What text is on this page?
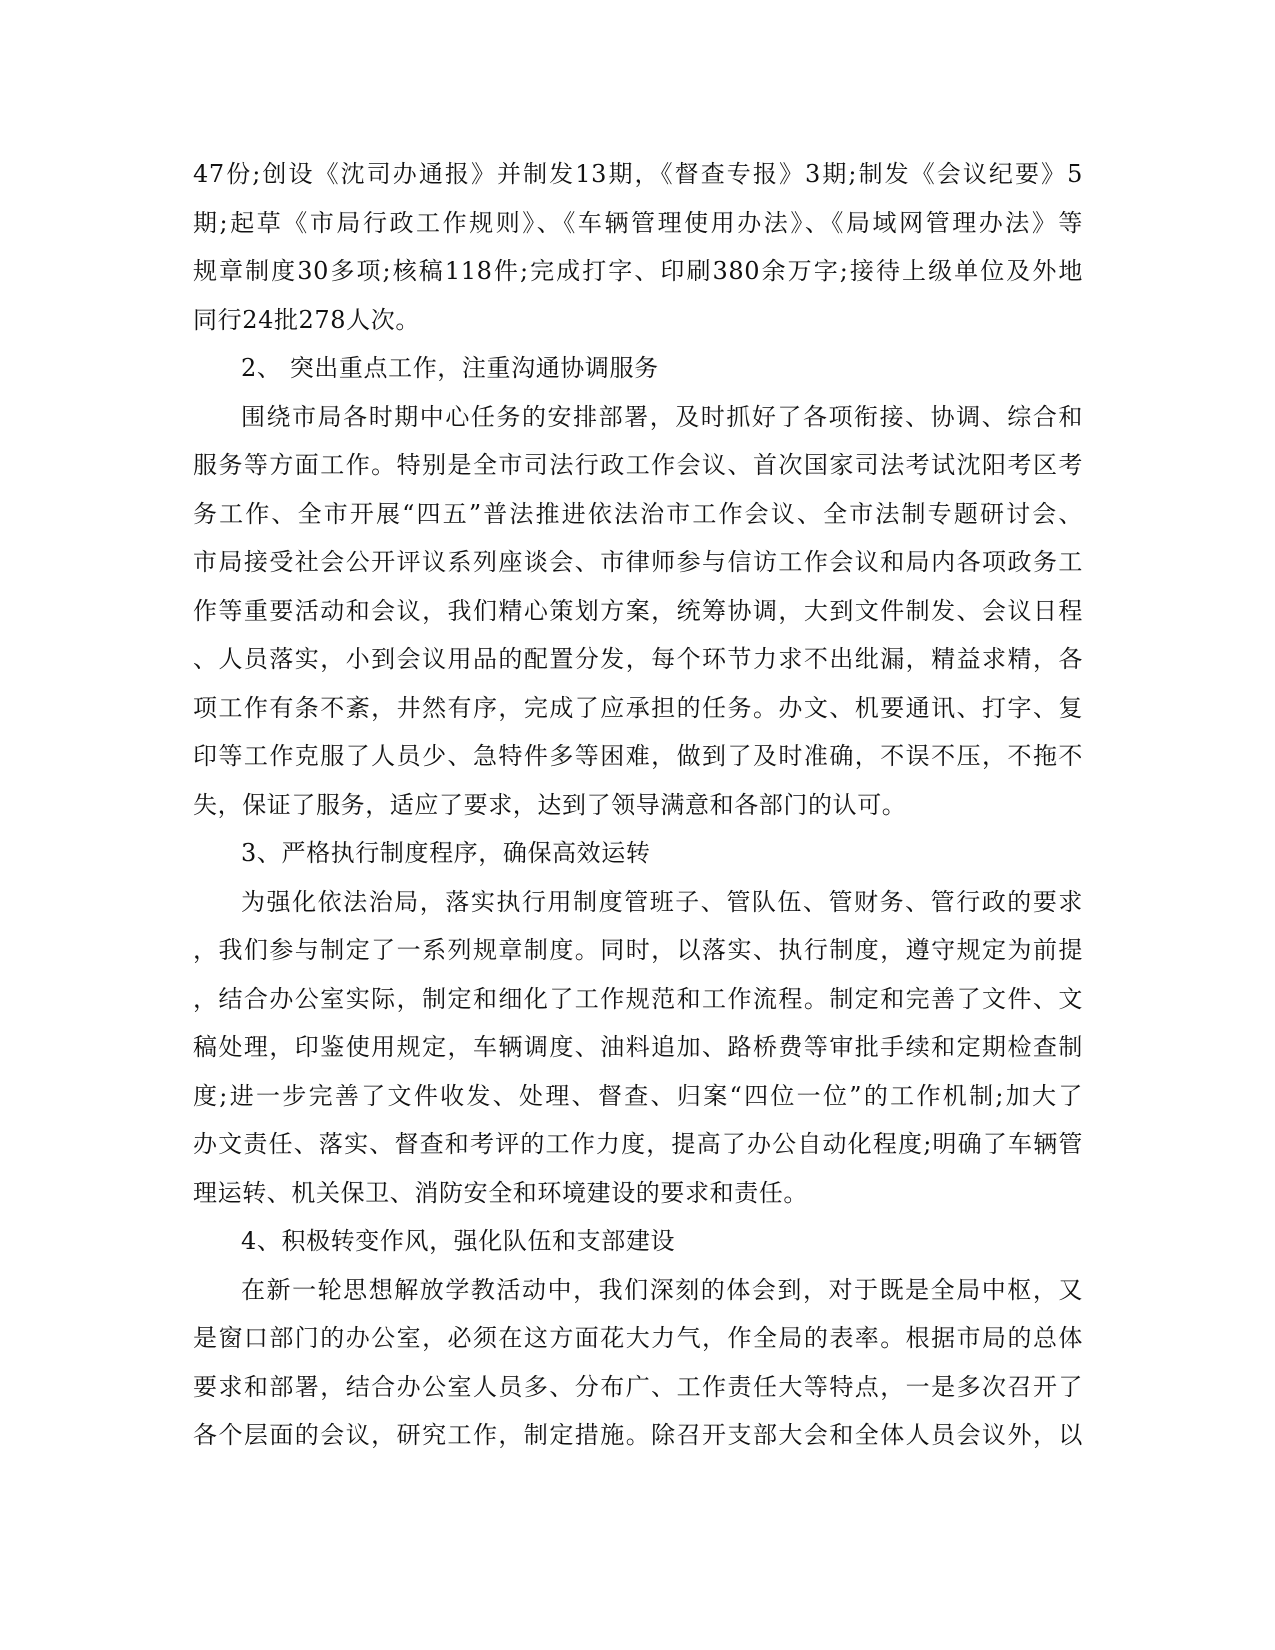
47份;创设《沈司办通报》并制发13期，《督查专报》3期;制发《会议纪要》5
期;起草《市局行政工作规则》、《车辆管理使用办法》、《局域网管理办法》等
规章制度30多项;核稿118件;完成打字、印刷380余万字;接待上级单位及外地
同行24批278人次。
2、 突出重点工作，注重沟通协调服务
围绕市局各时期中心任务的安排部署，及时抓好了各项衔接、协调、综合和
服务等方面工作。特别是全市司法行政工作会议、首次国家司法考试沈阳考区考
务工作、全市开展“四五”普法推进依法治市工作会议、全市法制专题研讨会、
市局接受社会公开评议系列座谈会、市律师参与信访工作会议和局内各项政务工
作等重要活动和会议，我们精心策划方案，统筹协调，大到文件制发、会议日程
、人员落实，小到会议用品的配置分发，每个环节力求不出纰漏，精益求精，各
项工作有条不紊，井然有序，完成了应承担的任务。办文、机要通讯、打字、复
印等工作克服了人员少、急特件多等困难，做到了及时准确，不误不压，不拖不
失，保证了服务，适应了要求，达到了领导满意和各部门的认可。
3、严格执行制度程序，确保高效运转
为强化依法治局，落实执行用制度管班子、管队伍、管财务、管行政的要求
，我们参与制定了一系列规章制度。同时，以落实、执行制度，遵守规定为前提
，结合办公室实际，制定和细化了工作规范和工作流程。制定和完善了文件、文
稿处理，印鉴使用规定，车辆调度、油料追加、路桥费等审批手续和定期检查制
度;进一步完善了文件收发、处理、督查、归案“四位一位”的工作机制;加大了
办文责任、落实、督查和考评的工作力度，提高了办公自动化程度;明确了车辆管
理运转、机关保卫、消防安全和环境建设的要求和责任。
4、积极转变作风，强化队伍和支部建设
在新一轮思想解放学教活动中，我们深刻的体会到，对于既是全局中枢，又
是窗口部门的办公室，必须在这方面花大力气，作全局的表率。根据市局的总体
要求和部署，结合办公室人员多、分布广、工作责任大等特点，一是多次召开了
各个层面的会议，研究工作，制定措施。除召开支部大会和全体人员会议外，以
